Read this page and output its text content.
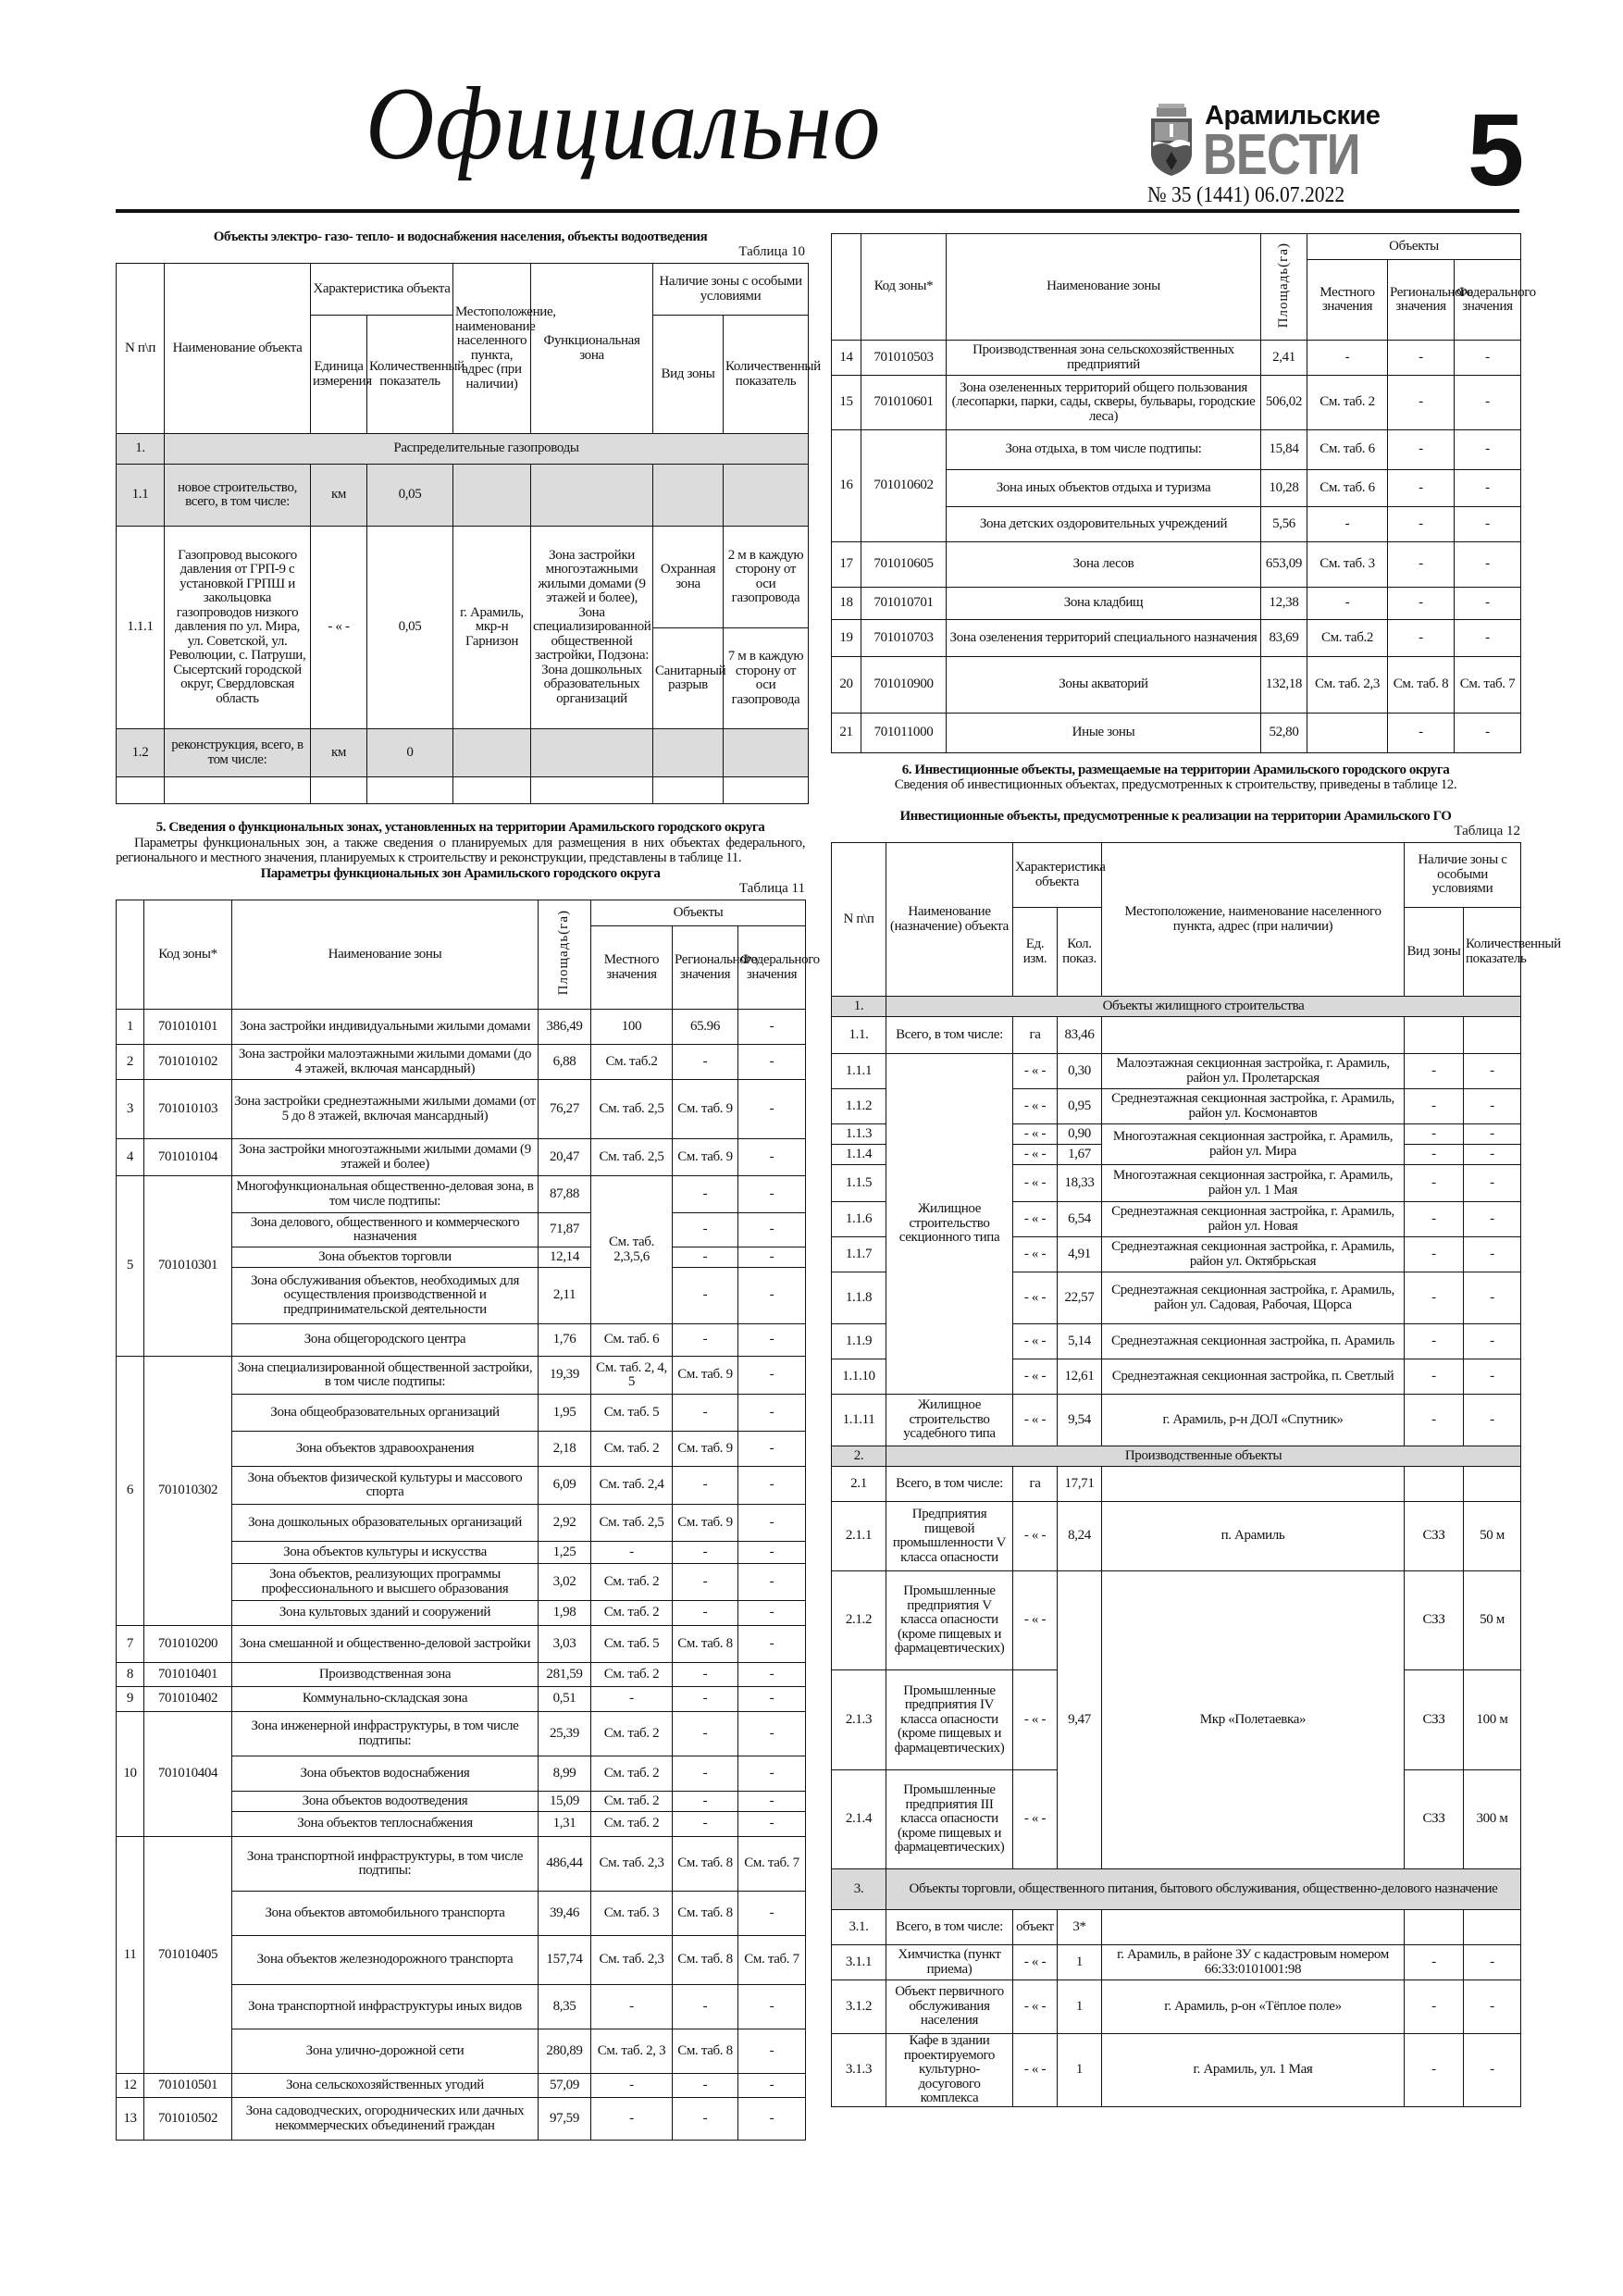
Официально	Арамильские
ВЕСТИ
№ 35 (1441) 06.07.2022 5
Объекты электро- газо- тепло- и водоснабжения населения, объекты водоотведения
Таблица 10
N п\п	Наименование объекта	Характеристика объекта		Местоположение, наименование населенного пункта, адрес (при наличии)	Функциональная зона	Наличие зоны с особыми условиями	
		Единица измерения	Количественный показатель			Вид зоны	Количественный показатель
1.	Распределительные газопроводы						
1.1	новое строительство, всего, в том числе:	км	0,05				
1.1.1	Газопровод высокого давления от ГРП-9 с установкой ГРПШ и закольцовка газопроводов низкого давления по ул. Мира, ул. Советской, ул. Революции, с. Патруши, Сысертский городской округ, Свердловская область	- « -	0,05	г. Арамиль, мкр-н Гарнизон	Зона застройки многоэтажными жилыми домами (9 этажей и более), Зона специализированной общественной застройки, Подзона: Зона дошкольных образовательных организаций	Охранная зона	2 м в каждую сторону от оси газопровода
						Санитарный разрыв	7 м в каждую сторону от оси газопровода
1.2	реконструкция, всего, в том числе:	км	0				

5. Сведения о функциональных зонах, установленных на территории Арамильского городского округа
Параметры функциональных зон, а также сведения о планируемых для размещения в них объектах федерального, регионального и местного значения, планируемых к строительству и реконструкции, представлены в таблице 11.
Параметры функциональных зон Арамильского городского округа
Таблица 11
	Код зоны*	Наименование зоны	Площадь(га)	Объекты		
				Местного значения	Регионального значения	Федерального значения
1	701010101	Зона застройки индивидуальными жилыми домами	386,49	100	65.96	-
2	701010102	Зона застройки малоэтажными жилыми домами (до 4 этажей, включая мансардный)	6,88	См. таб.2	-	-
3	701010103	Зона застройки среднеэтажными жилыми домами (от 5 до 8 этажей, включая мансардный)	76,27	См. таб. 2,5	См. таб. 9	-
4	701010104	Зона застройки многоэтажными жилыми домами (9 этажей и более)	20,47	См. таб. 2,5	См. таб. 9	-
5	701010301	Многофункциональная общественно-деловая зона, в том числе подтипы:	87,88	См. таб. 2,3,5,6	-	-
		Зона делового, общественного и коммерческого назначения	71,87		-	-
		Зона объектов торговли	12,14		-	-
		Зона обслуживания объектов, необходимых для осуществления производственной и предпринимательской деятельности	2,11		-	-
		Зона общегородского центра	1,76	См. таб. 6	-	-
6	701010302	Зона специализированной общественной застройки, в том числе подтипы:	19,39	См. таб. 2, 4, 5	См. таб. 9	-
		Зона общеобразовательных организаций	1,95	См. таб. 5	-	-
		Зона объектов здравоохранения	2,18	См. таб. 2	См. таб. 9	-
		Зона объектов физической культуры и массового спорта	6,09	См. таб. 2,4	-	-
		Зона дошкольных образовательных организаций	2,92	См. таб. 2,5	См. таб. 9	-
		Зона объектов культуры и искусства	1,25	-	-	-
		Зона объектов, реализующих программы профессионального и высшего образования	3,02	См. таб. 2	-	-
		Зона культовых зданий и сооружений	1,98	См. таб. 2	-	-
7	701010200	Зона смешанной и общественно-деловой застройки	3,03	См. таб. 5	См. таб. 8	-
8	701010401	Производственная зона	281,59	См. таб. 2	-	-
9	701010402	Коммунально-складская зона	0,51	-	-	-
10	701010404	Зона инженерной инфраструктуры, в том числе подтипы:	25,39	См. таб. 2	-	-
		Зона объектов водоснабжения	8,99	См. таб. 2	-	-
		Зона объектов водоотведения	15,09	См. таб. 2	-	-
		Зона объектов теплоснабжения	1,31	См. таб. 2	-	-
11	701010405	Зона транспортной инфраструктуры, в том числе подтипы:	486,44	См. таб. 2,3	См. таб. 8	См. таб. 7
		Зона объектов автомобильного транспорта	39,46	См. таб. 3	См. таб. 8	-
		Зона объектов железнодорожного транспорта	157,74	См. таб. 2,3	См. таб. 8	См. таб. 7
		Зона транспортной инфраструктуры иных видов	8,35	-	-	-
		Зона улично-дорожной сети	280,89	См. таб. 2, 3	См. таб. 8	-
12	701010501	Зона сельскохозяйственных угодий	57,09	-	-	-
13	701010502	Зона садоводческих, огороднических или дачных некоммерческих объединений граждан	97,59	-	-	-
	Код зоны*	Наименование зоны	Площадь(га)	Объекты		
				Местного значения	Регионального значения	Федерального значения
14	701010503	Производственная зона сельскохозяйственных предприятий	2,41	-	-	-
15	701010601	Зона озелененных территорий общего пользования (лесопарки, парки, сады, скверы, бульвары, городские леса)	506,02	См. таб. 2	-	-
16	701010602	Зона отдыха, в том числе подтипы:	15,84	См. таб. 6	-	-
		Зона иных объектов отдыха и туризма	10,28	См. таб. 6	-	-
		Зона детских оздоровительных учреждений	5,56	-	-	-
17	701010605	Зона лесов	653,09	См. таб. 3	-	-
18	701010701	Зона кладбищ	12,38	-	-	-
19	701010703	Зона озеленения территорий специального назначения	83,69	См. таб.2	-	-
20	701010900	Зоны акваторий	132,18	См. таб. 2,3	См. таб. 8	См. таб. 7
21	701011000	Иные зоны	52,80		-	-
6. Инвестиционные объекты, размещаемые на территории Арамильского городского округа
Сведения об инвестиционных объектах, предусмотренных к строительству, приведены в таблице 12.
Инвестиционные объекты, предусмотренные к реализации на территории Арамильского ГО
Таблица 12
N п\п	Наименование (назначение) объекта	Характеристика объекта		Местоположение, наименование населенного пункта, адрес (при наличии)	Наличие зоны с особыми условиями	
		Ед. изм.	Кол. показ.		Вид зоны	Количественный показатель
1.	Объекты жилищного строительства					
1.1.	Всего, в том числе:	га	83,46			
1.1.1	Жилищное строительство секционного типа	- « -	0,30	Малоэтажная секционная застройка, г. Арамиль, район ул. Пролетарская	-	-
1.1.2		- « -	0,95	Среднеэтажная секционная застройка, г. Арамиль, район ул. Космонавтов	-	-
1.1.3		- « -	0,90	Многоэтажная секционная застройка, г. Арамиль, район ул. Мира	-	-
1.1.4		- « -	1,67		-	-
1.1.5		- « -	18,33	Многоэтажная секционная застройка, г. Арамиль, район ул. 1 Мая	-	-
1.1.6		- « -	6,54	Среднеэтажная секционная застройка, г. Арамиль, район ул. Новая	-	-
1.1.7		- « -	4,91	Среднеэтажная секционная застройка, г. Арамиль, район ул. Октябрьская	-	-
1.1.8		- « -	22,57	Среднеэтажная секционная застройка, г. Арамиль, район ул. Садовая, Рабочая, Щорса	-	-
1.1.9		- « -	5,14	Среднеэтажная секционная застройка, п. Арамиль	-	-
1.1.10		- « -	12,61	Среднеэтажная секционная застройка, п. Светлый	-	-
1.1.11	Жилищное строительство усадебного типа	- « -	9,54	г. Арамиль, р-н ДОЛ «Спутник»	-	-
2.	Производственные объекты					
2.1	Всего, в том числе:	га	17,71			
2.1.1	Предприятия пищевой промышленности V класса опасности	- « -	8,24	п. Арамиль	СЗЗ	50 м
2.1.2	Промышленные предприятия V класса опасности (кроме пищевых и фармацевтических)	- « -	9,47	Мкр «Полетаевка»	СЗЗ	50 м
2.1.3	Промышленные предприятия IV класса опасности (кроме пищевых и фармацевтических)	- « -			СЗЗ	100 м
2.1.4	Промышленные предприятия III класса опасности (кроме пищевых и фармацевтических)	- « -			СЗЗ	300 м
3.	Объекты торговли, общественного питания, бытового обслуживания, общественно-делового назначение					
3.1.	Всего, в том числе:	объект	3*			
3.1.1	Химчистка (пункт приема)	- « -	1	г. Арамиль, в районе ЗУ с кадастровым номером 66:33:0101001:98	-	-
3.1.2	Объект первичного обслуживания населения	- « -	1	г. Арамиль, р-он «Тёплое поле»	-	-
3.1.3	Кафе в здании проектируемого культурно-досугового комплекса	- « -	1	г. Арамиль, ул. 1 Мая	-	-
